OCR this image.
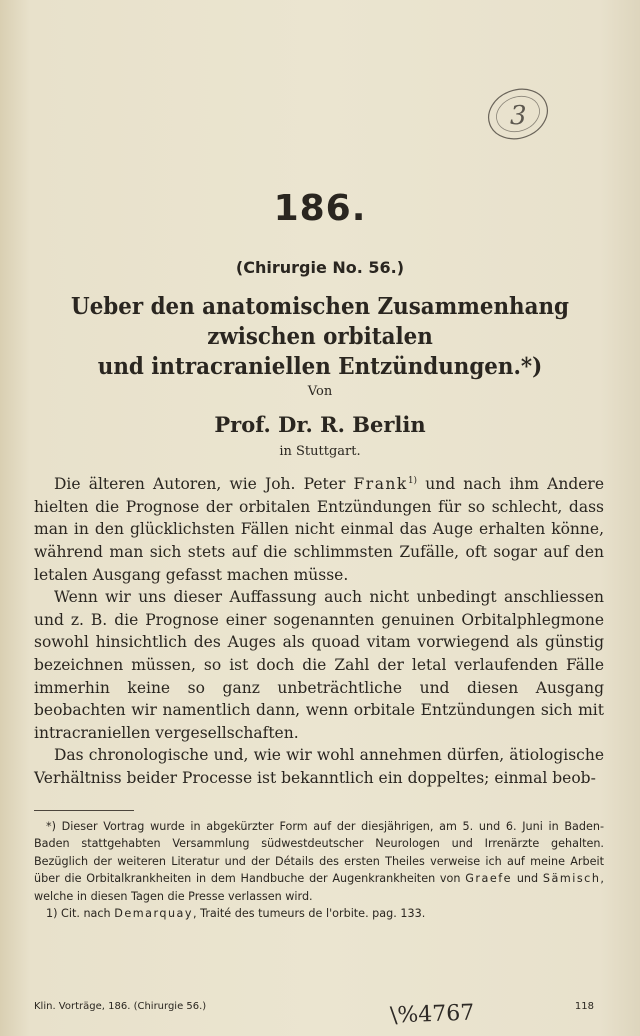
3
186.
(Chirurgie No. 56.)
Ueber den anatomischen Zusammenhang zwischen orbitalen
und intracraniellen Entzündungen.*)
Von
Prof. Dr. R. Berlin
in Stuttgart.

Die älteren Autoren, wie Joh. Peter Frank$^{1)}$ und nach ihm Andere hielten die Prognose der orbitalen Entzündungen für so schlecht, dass man in den glücklichsten Fällen nicht einmal das Auge erhalten könne, während man sich stets auf die schlimmsten Zufälle, oft sogar auf den letalen Ausgang gefasst machen müsse.

Wenn wir uns dieser Auffassung auch nicht unbedingt anschliessen und z. B. die Prognose einer sogenannten genuinen Orbitalphlegmone sowohl hinsichtlich des Auges als quoad vitam vorwiegend als günstig bezeichnen müssen, so ist doch die Zahl der letal verlaufenden Fälle immerhin keine so ganz unbeträchtliche und diesen Ausgang beobachten wir namentlich dann, wenn orbitale Entzündungen sich mit intracraniellen vergesellschaften.

Das chronologische und, wie wir wohl annehmen dürfen, ätiologische Verhältniss beider Processe ist bekanntlich ein doppeltes; einmal beob-

*) Dieser Vortrag wurde in abgekürzter Form auf der diesjährigen, am 5. und 6. Juni in Baden-Baden stattgehabten Versammlung südwestdeutscher Neurologen und Irrenärzte gehalten. Bezüglich der weiteren Literatur und der Détails des ersten Theiles verweise ich auf meine Arbeit über die Orbitalkrankheiten in dem Handbuche der Augenkrankheiten von Graefe und Sämisch, welche in diesen Tagen die Presse verlassen wird.

1) Cit. nach Demarquay, Traité des tumeurs de l'orbite. pag. 133.

Klin. Vorträge, 186. (Chirurgie 56.)	118
\%4767
